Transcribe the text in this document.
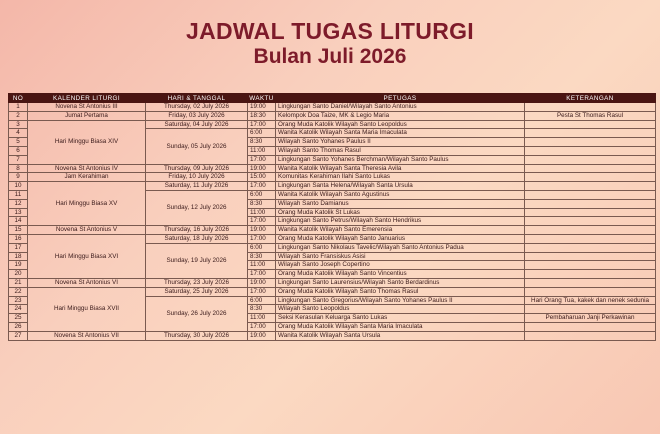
JADWAL TUGAS LITURGI
Bulan Juli 2026
NO	KALENDER LITURGI	HARI & TANGGAL	WAKTU	PETUGAS	KETERANGAN
1	Novena St Antonius III	Thursday, 02 July 2026	19:00	Lingkungan Santo Daniel/Wilayah Santo Antonius	
2	Jumat Pertama	Friday, 03 July 2026	18:30	Kelompok Doa Taize, MK & Legio Maria	Pesta St Thomas Rasul
3	Hari Minggu Biasa XIV	Saturday, 04 July 2026	17:00	Orang Muda Katolik Wilayah Santo Leopoldus	
4		Sunday, 05 July 2026	6:00	Wanita Katolik Wilayah Santa Maria Imaculata	
5			8:30	Wilayah Santo Yohanes Paulus II	
6			11:00	Wilayah Santo Thomas Rasul	
7			17:00	Lingkungan Santo Yohanes Berchman/Wilayah Santo Paulus	
8	Novena St Antonius IV	Thursday, 09 July 2026	19:00	Wanita Katolik Wilayah Santa Theresia Avila	
9	Jam Kerahiman	Friday, 10 July 2026	15:00	Komunitas Kerahiman Ilahi Santo Lukas	
10	Hari Minggu Biasa XV	Saturday, 11 July 2026	17:00	Lingkungan Santa Helena/Wilayah Santa Ursula	
11		Sunday, 12 July 2026	6:00	Wanita Katolik Wilayah Santo Agustinus	
12			8:30	Wilayah Santo Damianus	
13			11:00	Orang Muda Katolik St Lukas	
14			17:00	Lingkungan Santo Petrus/Wilayah Santo Hendrikus	
15	Novena St Antonius V	Thursday, 16 July 2026	19:00	Wanita Katolik Wilayah Santo Emerensia	
16	Hari Minggu Biasa XVI	Saturday, 18 July 2026	17:00	Orang Muda Katolik Wilayah Santo Januarius	
17		Sunday, 19 July 2026	6:00	Lingkungan Santo Nikolaus Tavelic/Wilayah Santo Antonius Padua	
18			8:30	Wilayah Santo Fransiskus Asisi	
19			11:00	Wilayah Santo Joseph Copertino	
20			17:00	Orang Muda Katolik Wilayah Santo Vincentius	
21	Novena St Antonius VI	Thursday, 23 July 2026	19:00	Lingkungan Santo Laurensius/Wilayah Santo Berdardinus	
22	Hari Minggu Biasa XVII	Saturday, 25 July 2026	17:00	Orang Muda Katolik Wilayah Santo Thomas Rasul	
23		Sunday, 26 July 2026	6:00	Lingkungan Santo Gregorius/Wilayah Santo Yohanes Paulus II	Hari Orang Tua, kakek dan nenek sedunia
24			8:30	Wilayah Santo Leopoldus	
25			11:00	Seksi Kerasulan Keluarga Santo Lukas	Pembaharuan Janji Perkawinan
26			17:00	Orang Muda Katolik Wilayah Santa Maria Imaculata	
27	Novena St Antonius VII	Thursday, 30 July 2026	19:00	Wanita Katolik Wilayah Santa Ursula	
